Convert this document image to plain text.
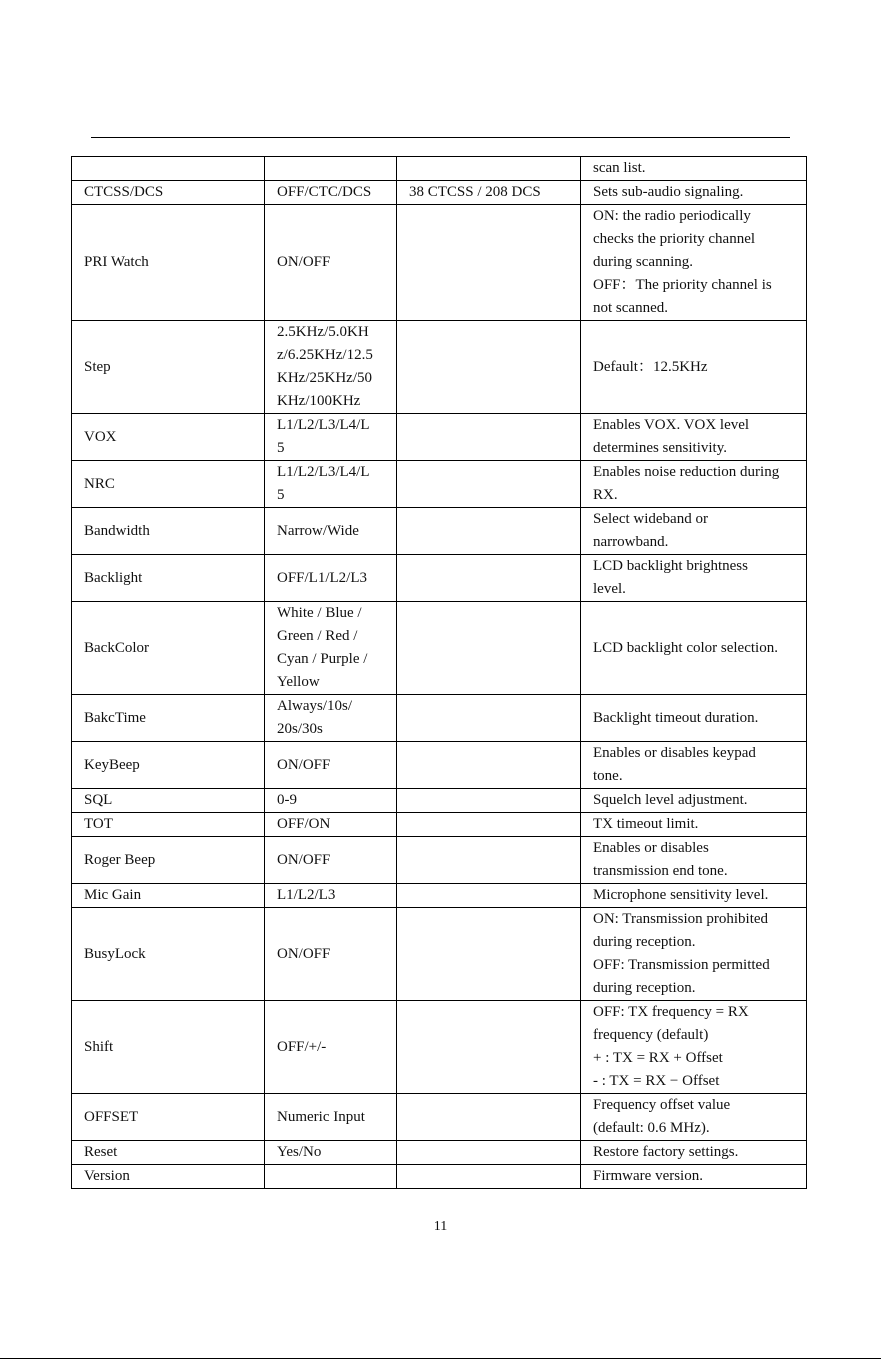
			scan list.

CTCSS/DCS	OFF/CTC/DCS	38 CTCSS / 208 DCS	Sets sub-audio signaling.

PRI Watch	ON/OFF		ON: the radio periodically
checks the priority channel
during scanning.
OFF：The priority channel is
not scanned.

Step	2.5KHz/5.0KH
z/6.25KHz/12.5
KHz/25KHz/50
KHz/100KHz		Default：12.5KHz

VOX	L1/L2/L3/L4/L
5		Enables VOX. VOX level
determines sensitivity.

NRC	L1/L2/L3/L4/L
5		Enables noise reduction during
RX.

Bandwidth	Narrow/Wide		Select wideband or
narrowband.

Backlight	OFF/L1/L2/L3		LCD backlight brightness
level.

BackColor	White / Blue /
Green / Red /
Cyan / Purple /
Yellow		LCD backlight color selection.

BakcTime	Always/10s/
20s/30s		Backlight timeout duration.

KeyBeep	ON/OFF		Enables or disables keypad
tone.

SQL	0-9		Squelch level adjustment.

TOT	OFF/ON		TX timeout limit.

Roger Beep	ON/OFF		Enables or disables
transmission end tone.

Mic Gain	L1/L2/L3		Microphone sensitivity level.

BusyLock	ON/OFF		ON: Transmission prohibited
during reception.
OFF: Transmission permitted
during reception.

Shift	OFF/+/-		OFF: TX frequency = RX
frequency (default)
+ : TX = RX + Offset
- : TX = RX − Offset

OFFSET	Numeric Input		Frequency offset value
(default: 0.6 MHz).

Reset	Yes/No		Restore factory settings.

Version			Firmware version.
11
